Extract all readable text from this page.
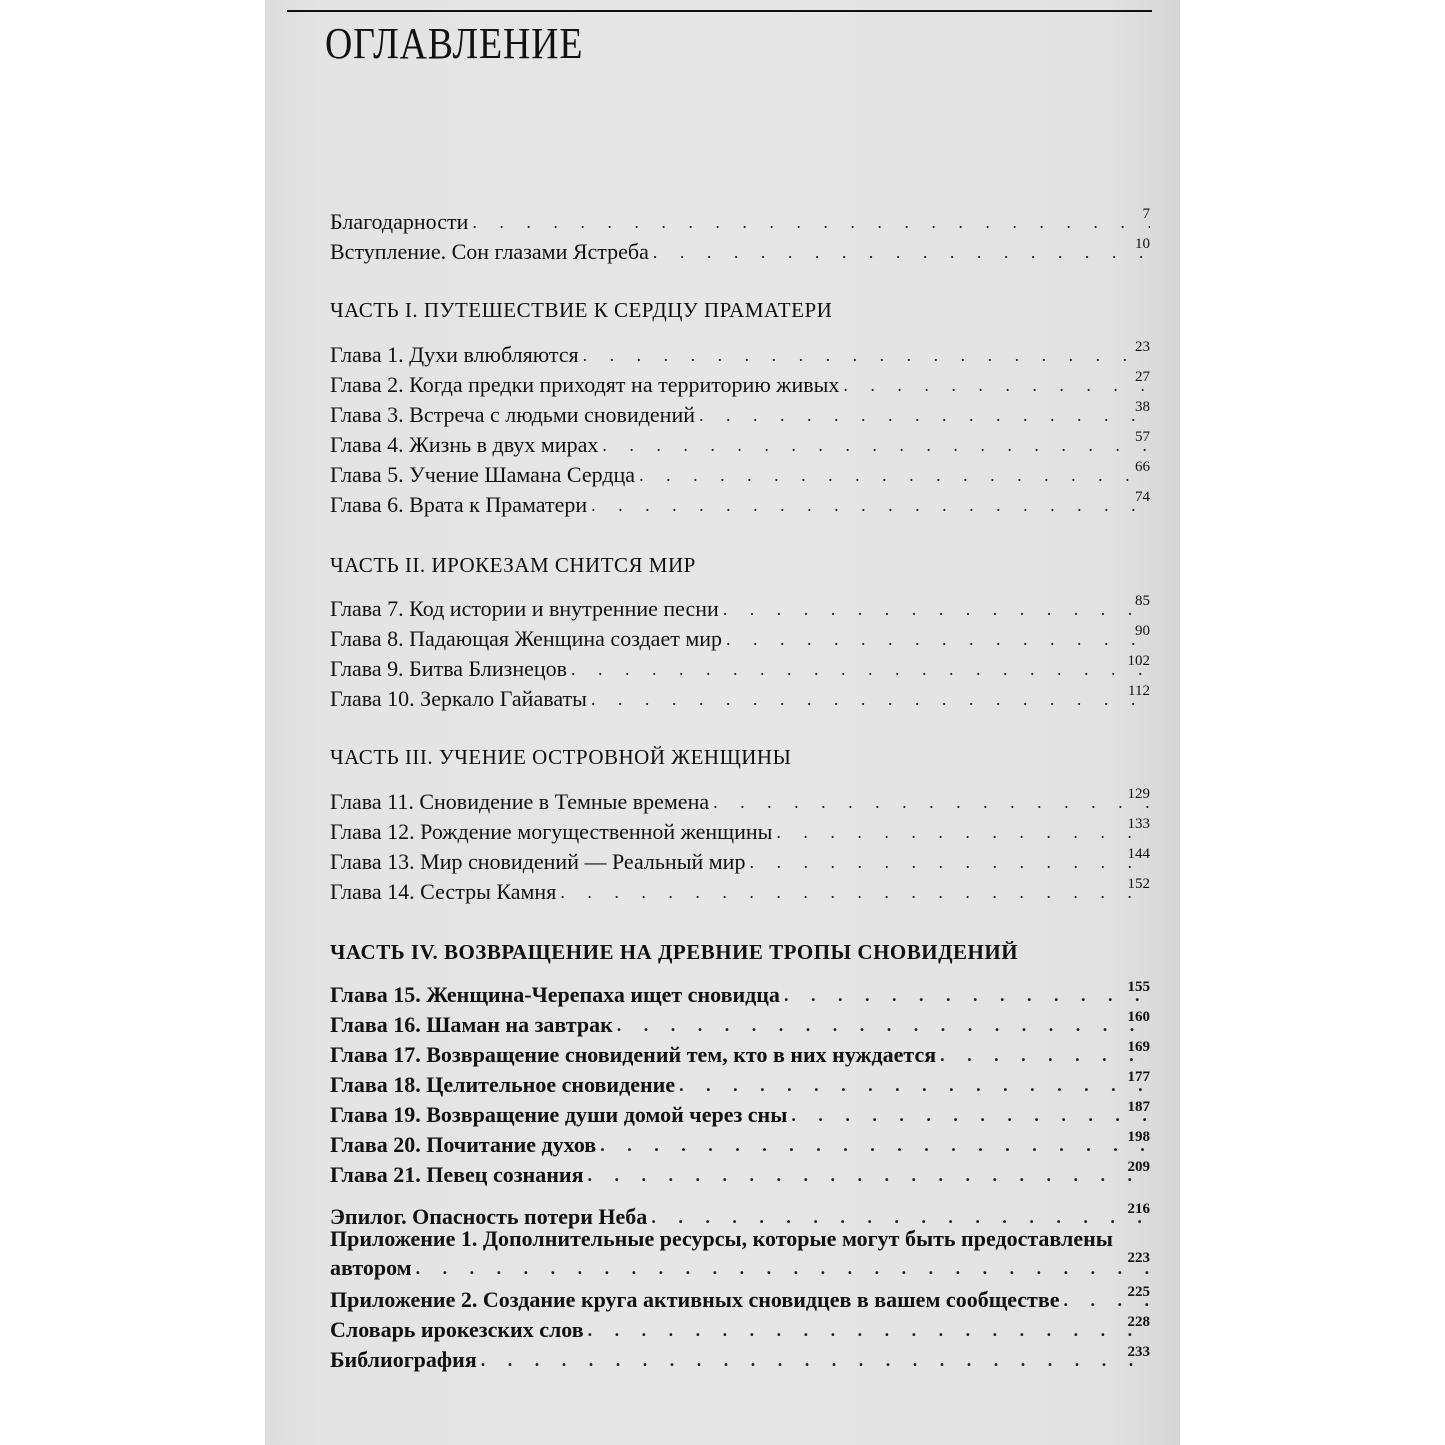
ОГЛАВЛЕНИЕ
Благодарности . . .	7
Вступление. Сон глазами Ястреба . . .	10
ЧАСТЬ I. ПУТЕШЕСТВИЕ К СЕРДЦУ ПРАМАТЕРИ
Глава 1. Духи влюбляются . . .	23
Глава 2. Когда предки приходят на территорию живых . . .	27
Глава 3. Встреча с людьми сновидений . . .	38
Глава 4. Жизнь в двух мирах . . .	57
Глава 5. Учение Шамана Сердца . . .	66
Глава 6. Врата к Праматери . . .	74
ЧАСТЬ II. ИРОКЕЗАМ СНИТСЯ МИР
Глава 7. Код истории и внутренние песни . . .	85
Глава 8. Падающая Женщина создает мир . . .	90
Глава 9. Битва Близнецов . . .	102
Глава 10. Зеркало Гайаваты . . .	112
ЧАСТЬ III. УЧЕНИЕ ОСТРОВНОЙ ЖЕНЩИНЫ
Глава 11. Сновидение в Темные времена . . .	129
Глава 12. Рождение могущественной женщины . . .	133
Глава 13. Мир сновидений — Реальный мир . . .	144
Глава 14. Сестры Камня . . .	152
ЧАСТЬ IV. ВОЗВРАЩЕНИЕ НА ДРЕВНИЕ ТРОПЫ СНОВИДЕНИЙ
Глава 15. Женщина-Черепаха ищет сновидца . . .	155
Глава 16. Шаман на завтрак . . .	160
Глава 17. Возвращение сновидений тем, кто в них нуждается . . .	169
Глава 18. Целительное сновидение . . .	177
Глава 19. Возвращение души домой через сны . . .	187
Глава 20. Почитание духов . . .	198
Глава 21. Певец сознания . . .	209
Эпилог. Опасность потери Неба . . .	216
Приложение 1. Дополнительные ресурсы, которые могут быть предоставлены
автором . . .	223
Приложение 2. Создание круга активных сновидцев в вашем сообществе . . .	225
Словарь ирокезских слов . . .	228
Библиография . . .	233
